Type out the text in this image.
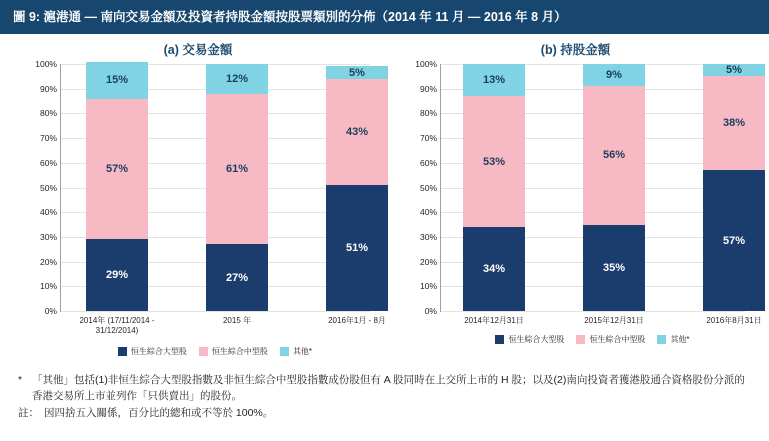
圖 9: 滬港通 — 南向交易金額及投資者持股金額按股票類別的分佈（2014 年 11 月 — 2016 年 8 月）
(a) 交易金額
100%
90%
80%
70%
60%
50%
40%
30%
20%
10%
0%
29%
57%
15%
2014年 (17/11/2014 - 31/12/2014)
27%
61%
12%
2015 年
51%
43%
5%
2016年1月 - 8月
恒生綜合大型股	恒生綜合中型股	其他*
(b) 持股金額
100%
90%
80%
70%
60%
50%
40%
30%
20%
10%
0%
34%
53%
13%
2014年12月31日
35%
56%
9%
2015年12月31日
57%
38%
5%
2016年8月31日
恒生綜合大型股	恒生綜合中型股	其他*
* 「其他」包括(1)非恒生綜合大型股指數及非恒生綜合中型股指數成份股但有 A 股同時在上交所上市的 H 股；以及(2)南向投資者獲港股通合資格股份分派的香港交易所上市並列作「只供賣出」的股份。
註： 因四捨五入關係，百分比的總和或不等於 100%。
